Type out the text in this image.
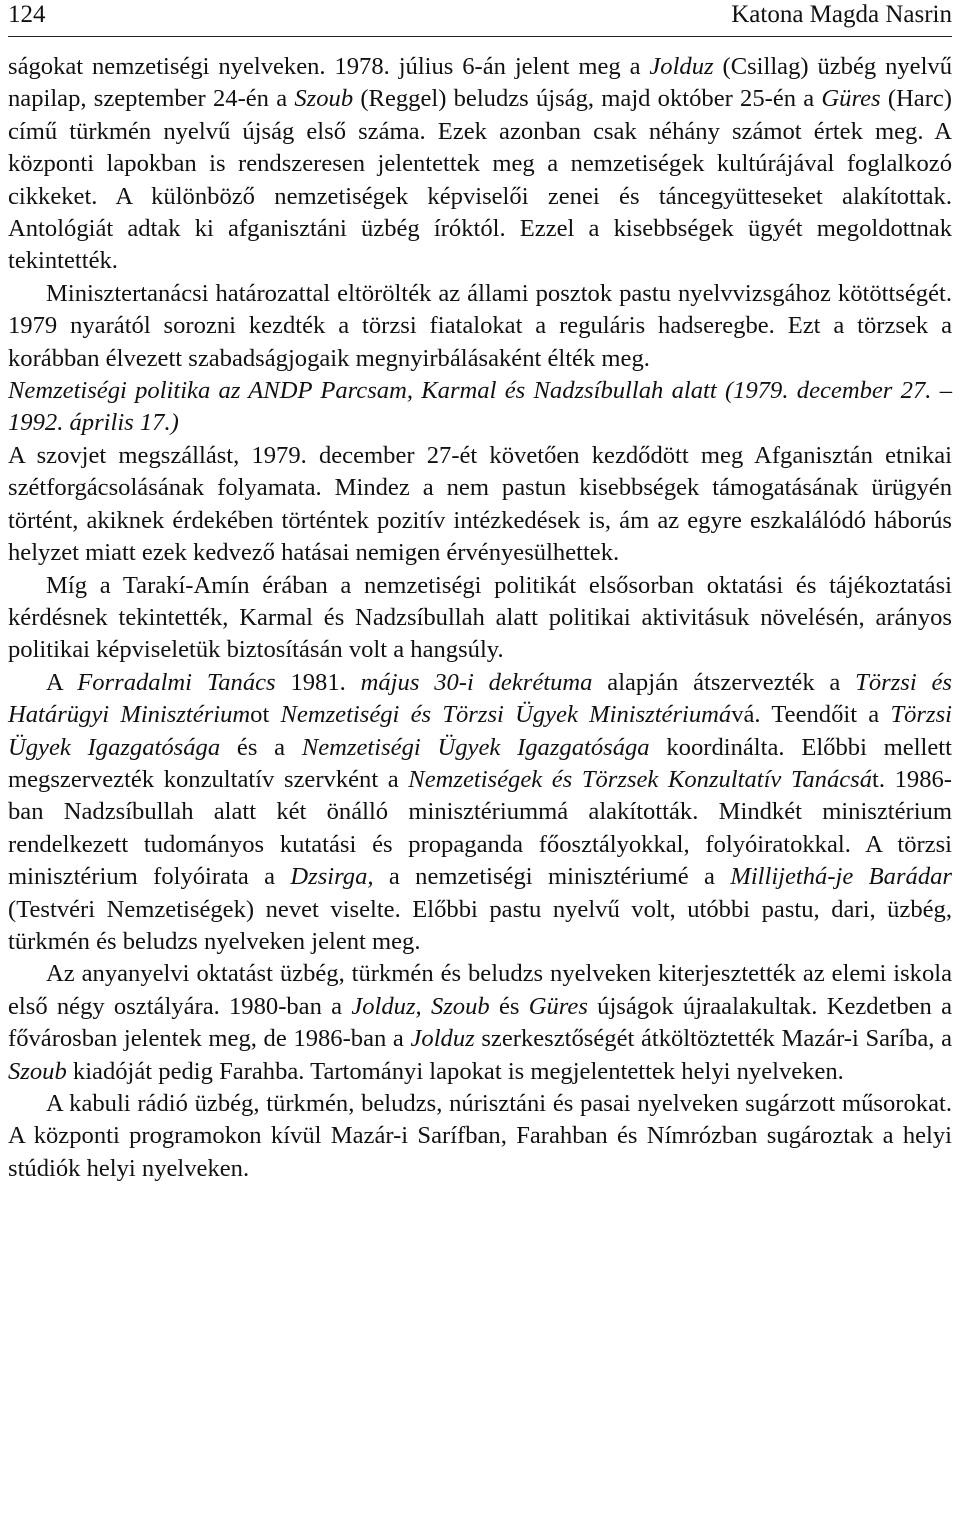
124	Katona Magda Nasrin

ságokat nemzetiségi nyelveken. 1978. július 6-án jelent meg a Jolduz (Csillag) üzbég nyelvű napilap, szeptember 24-én a Szoub (Reggel) beludzs újság, majd október 25-én a Güres (Harc) című türkmén nyelvű újság első száma. Ezek azonban csak néhány számot értek meg. A központi lapokban is rendszeresen jelentettek meg a nemzetiségek kultúrájával foglalkozó cikkeket. A különböző nemzetiségek képviselői zenei és táncegyütteseket alakítottak. Antológiát adtak ki afganisztáni üzbég íróktól. Ezzel a kisebbségek ügyét megoldottnak tekintették.

Minisztertanácsi határozattal eltörölték az állami posztok pastu nyelvvizsgához kötöttségét. 1979 nyarától sorozni kezdték a törzsi fiatalokat a reguláris hadseregbe. Ezt a törzsek a korábban élvezett szabadságjogaik megnyirbálásaként élték meg.

Nemzetiségi politika az ANDP Parcsam, Karmal és Nadzsíbullah alatt (1979. december 27. – 1992. április 17.)

A szovjet megszállást, 1979. december 27-ét követően kezdődött meg Afganisztán etnikai szétforgácsolásának folyamata. Mindez a nem pastun kisebbségek támogatásának ürügyén történt, akiknek érdekében történtek pozitív intézkedések is, ám az egyre eszkalálódó háborús helyzet miatt ezek kedvező hatásai nemigen érvényesülhettek.

Míg a Tarakí-Amín érában a nemzetiségi politikát elsősorban oktatási és tájékoztatási kérdésnek tekintették, Karmal és Nadzsíbullah alatt politikai aktivitásuk növelésén, arányos politikai képviseletük biztosításán volt a hangsúly.

A Forradalmi Tanács 1981. május 30-i dekrétuma alapján átszervezték a Törzsi és Határügyi Minisztériumot Nemzetiségi és Törzsi Ügyek Minisztériumává. Teendőit a Törzsi Ügyek Igazgatósága és a Nemzetiségi Ügyek Igazgatósága koordinálta. Előbbi mellett megszervezték konzultatív szervként a Nemzetiségek és Törzsek Konzultatív Tanácsát. 1986-ban Nadzsíbullah alatt két önálló minisztériummá alakították. Mindkét minisztérium rendelkezett tudományos kutatási és propaganda főosztályokkal, folyóiratokkal. A törzsi minisztérium folyóirata a Dzsirga, a nemzetiségi minisztériumé a Millijethá-je Barádar (Testvéri Nemzetiségek) nevet viselte. Előbbi pastu nyelvű volt, utóbbi pastu, dari, üzbég, türkmén és beludzs nyelveken jelent meg.

Az anyanyelvi oktatást üzbég, türkmén és beludzs nyelveken kiterjesztették az elemi iskola első négy osztályára. 1980-ban a Jolduz, Szoub és Güres újságok újraalakultak. Kezdetben a fővárosban jelentek meg, de 1986-ban a Jolduz szerkesztőségét átköltöztették Mazár-i Saríba, a Szoub kiadóját pedig Farahba. Tartományi lapokat is megjelentettek helyi nyelveken.

A kabuli rádió üzbég, türkmén, beludzs, núrisztáni és pasai nyelveken sugárzott műsorokat. A központi programokon kívül Mazár-i Sarífban, Farahban és Nímrózban sugároztak a helyi stúdiók helyi nyelveken.
